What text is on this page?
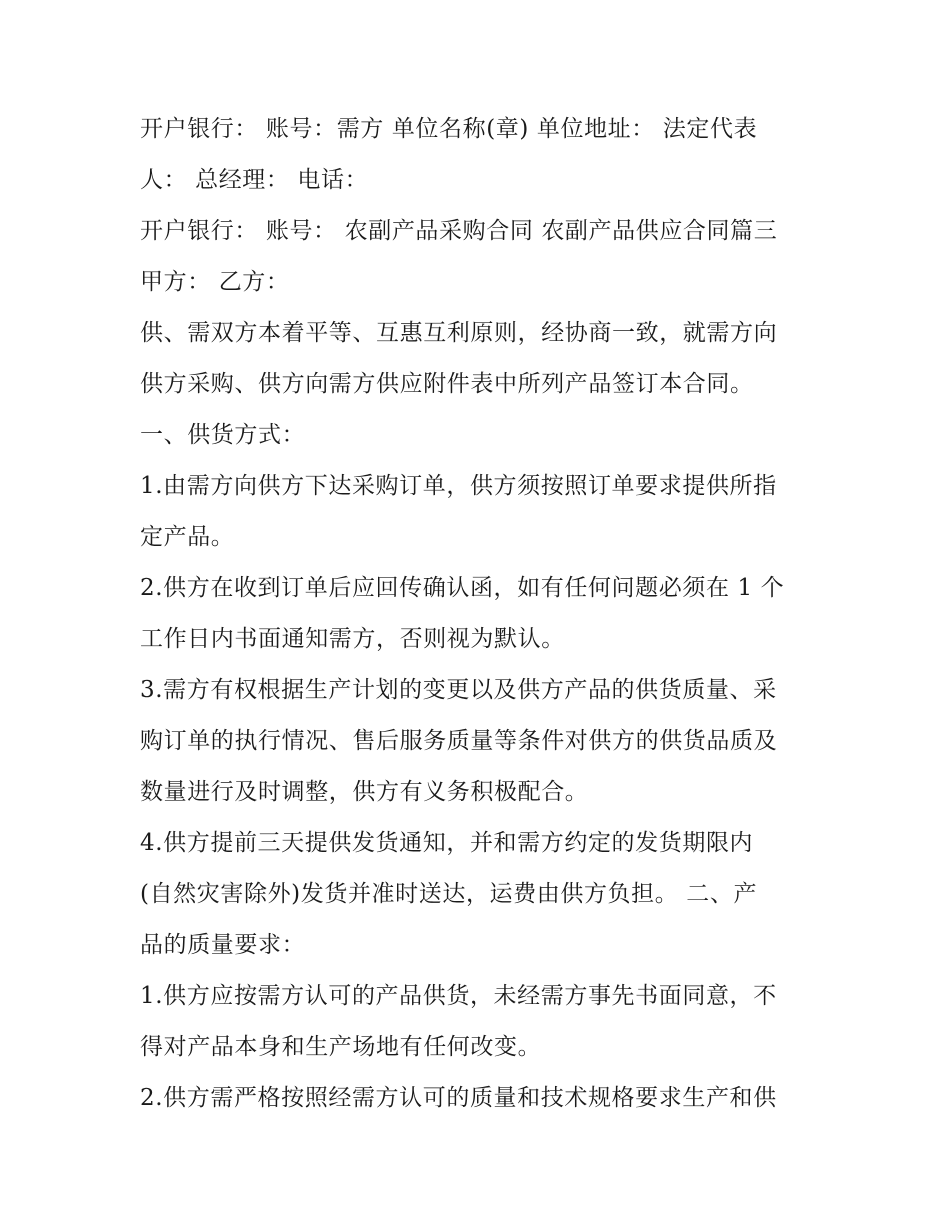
开户银行： 账号：需方 单位名称(章) 单位地址： 法定代表
人： 总经理： 电话：
开户银行： 账号： 农副产品采购合同 农副产品供应合同篇三
甲方： 乙方：
供、需双方本着平等、互惠互利原则，经协商一致，就需方向
供方采购、供方向需方供应附件表中所列产品签订本合同。
一、供货方式：
1.由需方向供方下达采购订单，供方须按照订单要求提供所指
定产品。
2.供方在收到订单后应回传确认函，如有任何问题必须在 1 个
工作日内书面通知需方，否则视为默认。
3.需方有权根据生产计划的变更以及供方产品的供货质量、采
购订单的执行情况、售后服务质量等条件对供方的供货品质及
数量进行及时调整，供方有义务积极配合。
4.供方提前三天提供发货通知，并和需方约定的发货期限内
(自然灾害除外)发货并准时送达，运费由供方负担。 二、产
品的质量要求：
1.供方应按需方认可的产品供货，未经需方事先书面同意，不
得对产品本身和生产场地有任何改变。
2.供方需严格按照经需方认可的质量和技术规格要求生产和供
